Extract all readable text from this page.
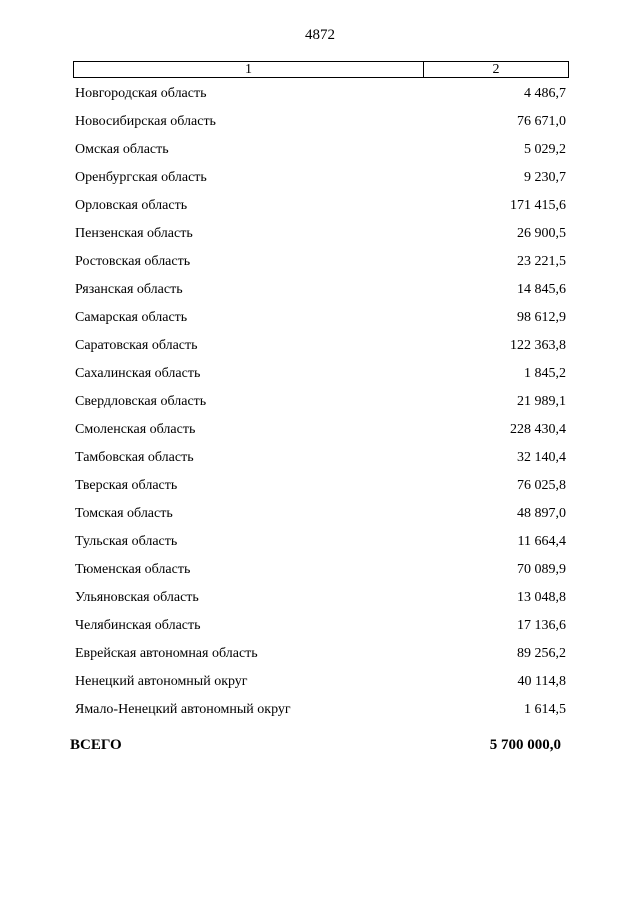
4872
1	2
Новгородская область	4 486,7
Новосибирская область	76 671,0
Омская область	5 029,2
Оренбургская область	9 230,7
Орловская область	171 415,6
Пензенская область	26 900,5
Ростовская область	23 221,5
Рязанская область	14 845,6
Самарская область	98 612,9
Саратовская область	122 363,8
Сахалинская область	1 845,2
Свердловская область	21 989,1
Смоленская область	228 430,4
Тамбовская область	32 140,4
Тверская область	76 025,8
Томская область	48 897,0
Тульская область	11 664,4
Тюменская область	70 089,9
Ульяновская область	13 048,8
Челябинская область	17 136,6
Еврейская автономная область	89 256,2
Ненецкий автономный округ	40 114,8
Ямало-Ненецкий автономный округ	1 614,5
ВСЕГО	5 700 000,0
